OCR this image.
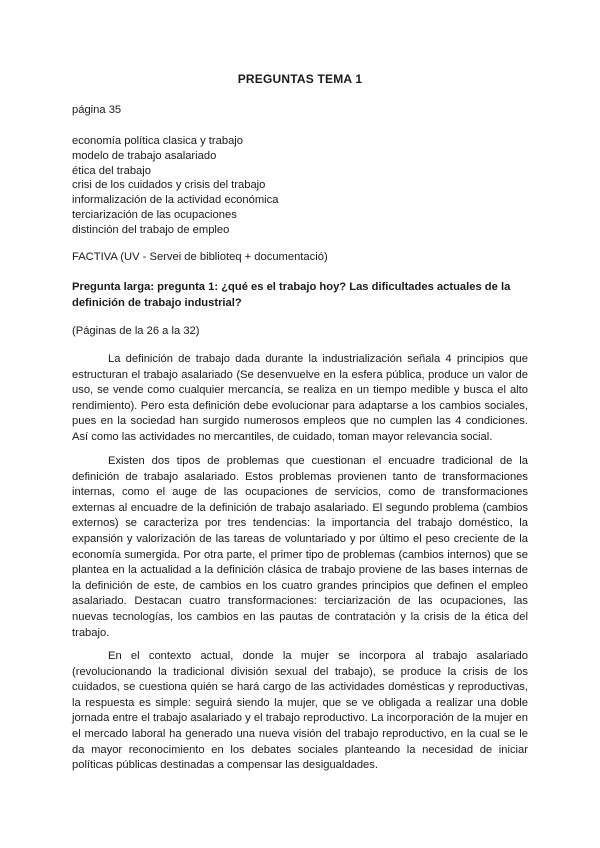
PREGUNTAS TEMA 1
página 35
economía política clasica y trabajo
modelo de trabajo asalariado
ética del trabajo
crisi de los cuidados y crisis del trabajo
informalización de la actividad económica
terciarización de las ocupaciones
distinción del trabajo de empleo
FACTIVA (UV - Servei de biblioteq + documentació)
Pregunta larga: pregunta 1: ¿qué es el trabajo hoy? Las dificultades actuales de la definición de trabajo industrial?
(Páginas de la 26 a la 32)

La definición de trabajo dada durante la industrialización señala 4 principios que estructuran el trabajo asalariado (Se desenvuelve en la esfera pública, produce un valor de uso, se vende como cualquier mercancía, se realiza en un tiempo medible y busca el alto rendimiento). Pero esta definición debe evolucionar para adaptarse a los cambios sociales, pues en la sociedad han surgido numerosos empleos que no cumplen las 4 condiciones. Así como las actividades no mercantiles, de cuidado, toman mayor relevancia social.

Existen dos tipos de problemas que cuestionan el encuadre tradicional de la definición de trabajo asalariado. Estos problemas provienen tanto de transformaciones internas, como el auge de las ocupaciones de servicios, como de transformaciones externas al encuadre de la definición de trabajo asalariado. El segundo problema (cambios externos) se caracteriza por tres tendencias: la importancia del trabajo doméstico, la expansión y valorización de las tareas de voluntariado y por último el peso creciente de la economía sumergida. Por otra parte, el primer tipo de problemas (cambios internos) que se plantea en la actualidad a la definición clásica de trabajo proviene de las bases internas de la definición de este, de cambios en los cuatro grandes principios que definen el empleo asalariado. Destacan cuatro transformaciones: terciarización de las ocupaciones, las nuevas tecnologías, los cambios en las pautas de contratación y la crisis de la ética del trabajo.

En el contexto actual, donde la mujer se incorpora al trabajo asalariado (revolucionando la tradicional división sexual del trabajo), se produce la crisis de los cuidados, se cuestiona quién se hará cargo de las actividades domésticas y reproductivas, la respuesta es simple: seguirá siendo la mujer, que se ve obligada a realizar una doble jornada entre el trabajo asalariado y el trabajo reproductivo. La incorporación de la mujer en el mercado laboral ha generado una nueva visión del trabajo reproductivo, en la cual se le da mayor reconocimiento en los debates sociales planteando la necesidad de iniciar políticas públicas destinadas a compensar las desigualdades.
